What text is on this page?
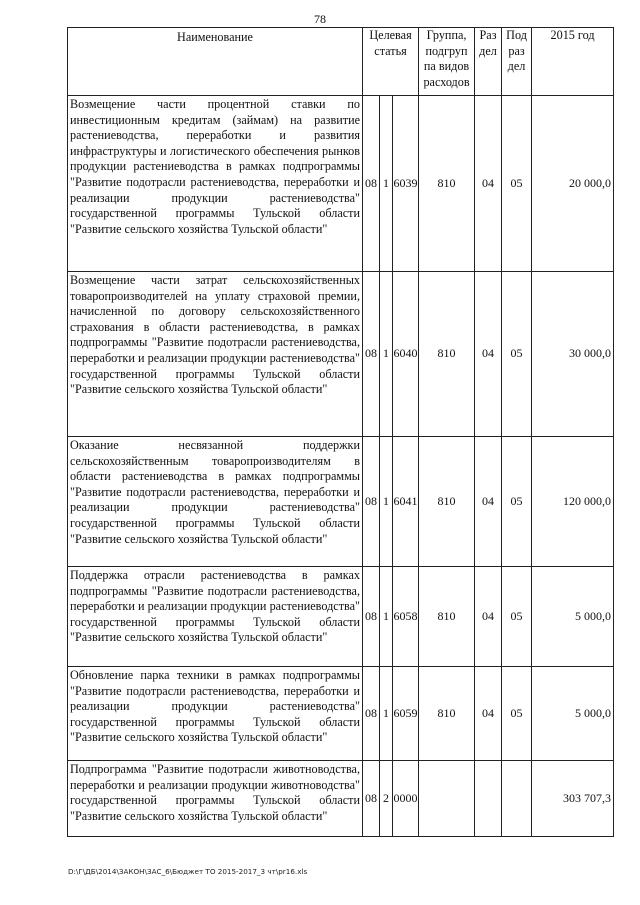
78
Наименование	Целевая статья			Группа, подгруп па видов расходов	Раз дел	Под раз дел	2015 год
Возмещение части процентной ставки по инвестиционным кредитам (займам) на развитие растениеводства, переработки и развития инфраструктуры и логистического обеспечения рынков продукции растениеводства в рамках подпрограммы "Развитие подотрасли растениеводства, переработки и реализации продукции растениеводства" государственной программы Тульской области "Развитие сельского хозяйства Тульской области"	08	1	6039	810	04	05	20 000,0
Возмещение части затрат сельскохозяйственных товаропроизводителей на уплату страховой премии, начисленной по договору сельскохозяйственного страхования в области растениеводства, в рамках подпрограммы "Развитие подотрасли растениеводства, переработки и реализации продукции растениеводства" государственной программы Тульской области "Развитие сельского хозяйства Тульской области"	08	1	6040	810	04	05	30 000,0
Оказание несвязанной поддержки сельскохозяйственным товаропроизводителям в области растениеводства в рамках подпрограммы "Развитие подотрасли растениеводства, переработки и реализации продукции растениеводства" государственной программы Тульской области "Развитие сельского хозяйства Тульской области"	08	1	6041	810	04	05	120 000,0
Поддержка отрасли растениеводства в рамках подпрограммы "Развитие подотрасли растениеводства, переработки и реализации продукции растениеводства" государственной программы Тульской области "Развитие сельского хозяйства Тульской области"	08	1	6058	810	04	05	5 000,0
Обновление парка техники в рамках подпрограммы "Развитие подотрасли растениеводства, переработки и реализации продукции растениеводства" государственной программы Тульской области "Развитие сельского хозяйства Тульской области"	08	1	6059	810	04	05	5 000,0
Подпрограмма "Развитие подотрасли животноводства, переработки и реализации продукции животноводства" государственной программы Тульской области "Развитие сельского хозяйства Тульской области"	08	2	0000				303 707,3
D:\Г\ДБ\2014\ЗАКОН\ЗАС_6\Бюджет ТО 2015-2017_3 чт\pr16.xls
